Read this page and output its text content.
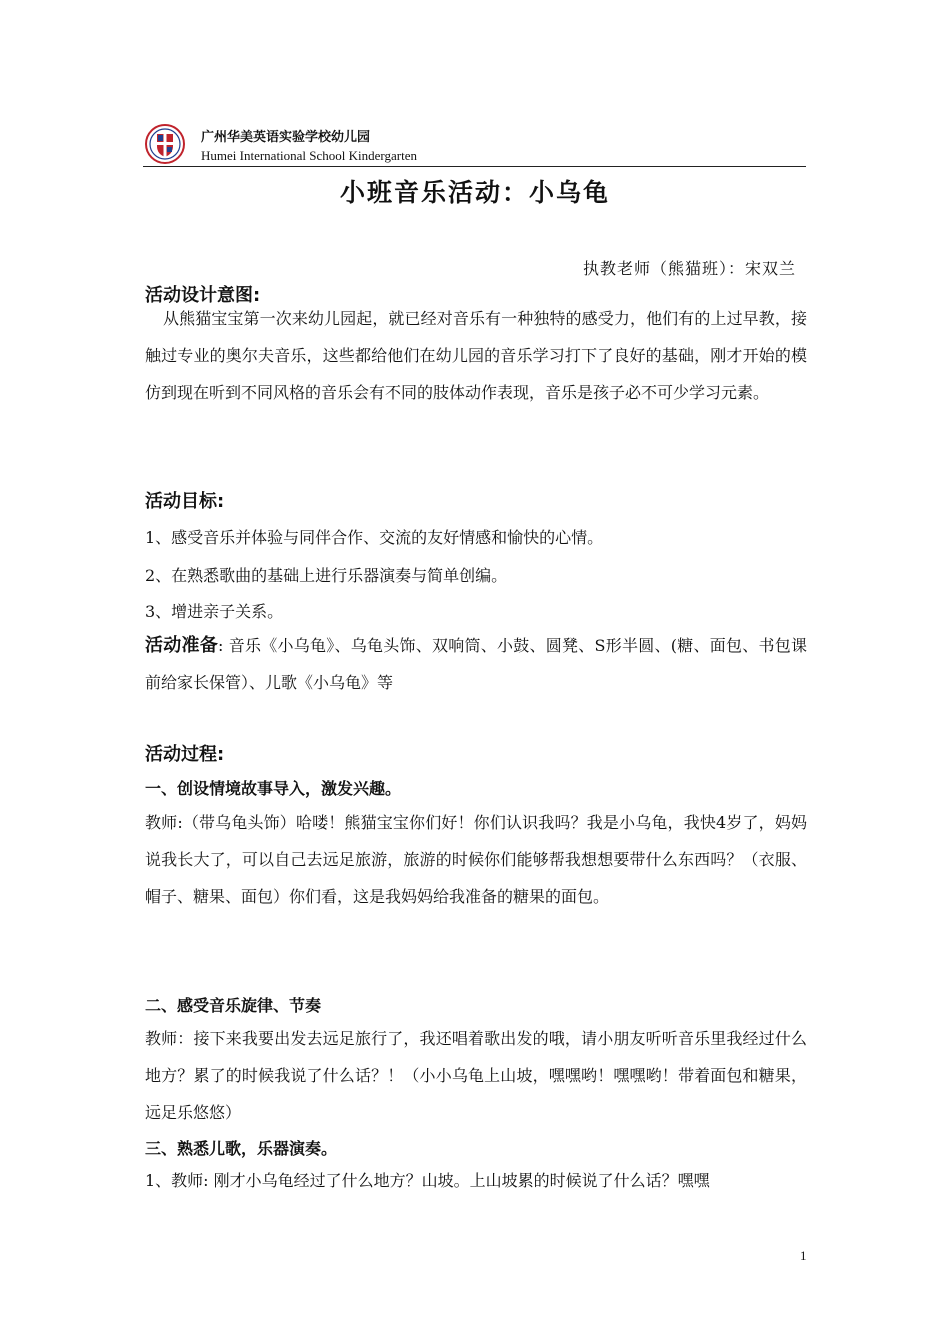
广州华美英语实验学校幼儿园
Humei International School Kindergarten
小班音乐活动：小乌龟
执教老师（熊猫班）：宋双兰
活动设计意图:
从熊猫宝宝第一次来幼儿园起，就已经对音乐有一种独特的感受力，他们有的上过早教，接触过专业的奥尔夫音乐，这些都给他们在幼儿园的音乐学习打下了良好的基础，刚才开始的模仿到现在听到不同风格的音乐会有不同的肢体动作表现，音乐是孩子必不可少学习元素。
活动目标:
1、感受音乐并体验与同伴合作、交流的友好情感和愉快的心情。
2、在熟悉歌曲的基础上进行乐器演奏与简单创编。
3、增进亲子关系。
活动准备: 音乐《小乌龟》、乌龟头饰、双响筒、小鼓、圆凳、S形半圆、(糖、面包、书包课前给家长保管）、儿歌《小乌龟》等
活动过程:
一、创设情境故事导入，激发兴趣。
教师:（带乌龟头饰）哈喽！熊猫宝宝你们好！你们认识我吗？我是小乌龟，我快4岁了，妈妈说我长大了，可以自己去远足旅游，旅游的时候你们能够帮我想想要带什么东西吗？（衣服、帽子、糖果、面包）你们看，这是我妈妈给我准备的糖果的面包。
二、感受音乐旋律、节奏
教师：接下来我要出发去远足旅行了，我还唱着歌出发的哦，请小朋友听听音乐里我经过什么地方？累了的时候我说了什么话？！（小小乌龟上山坡，嘿嘿哟！嘿嘿哟！带着面包和糖果，远足乐悠悠）
三、熟悉儿歌，乐器演奏。
1、教师: 刚才小乌龟经过了什么地方？山坡。上山坡累的时候说了什么话？嘿嘿
1
